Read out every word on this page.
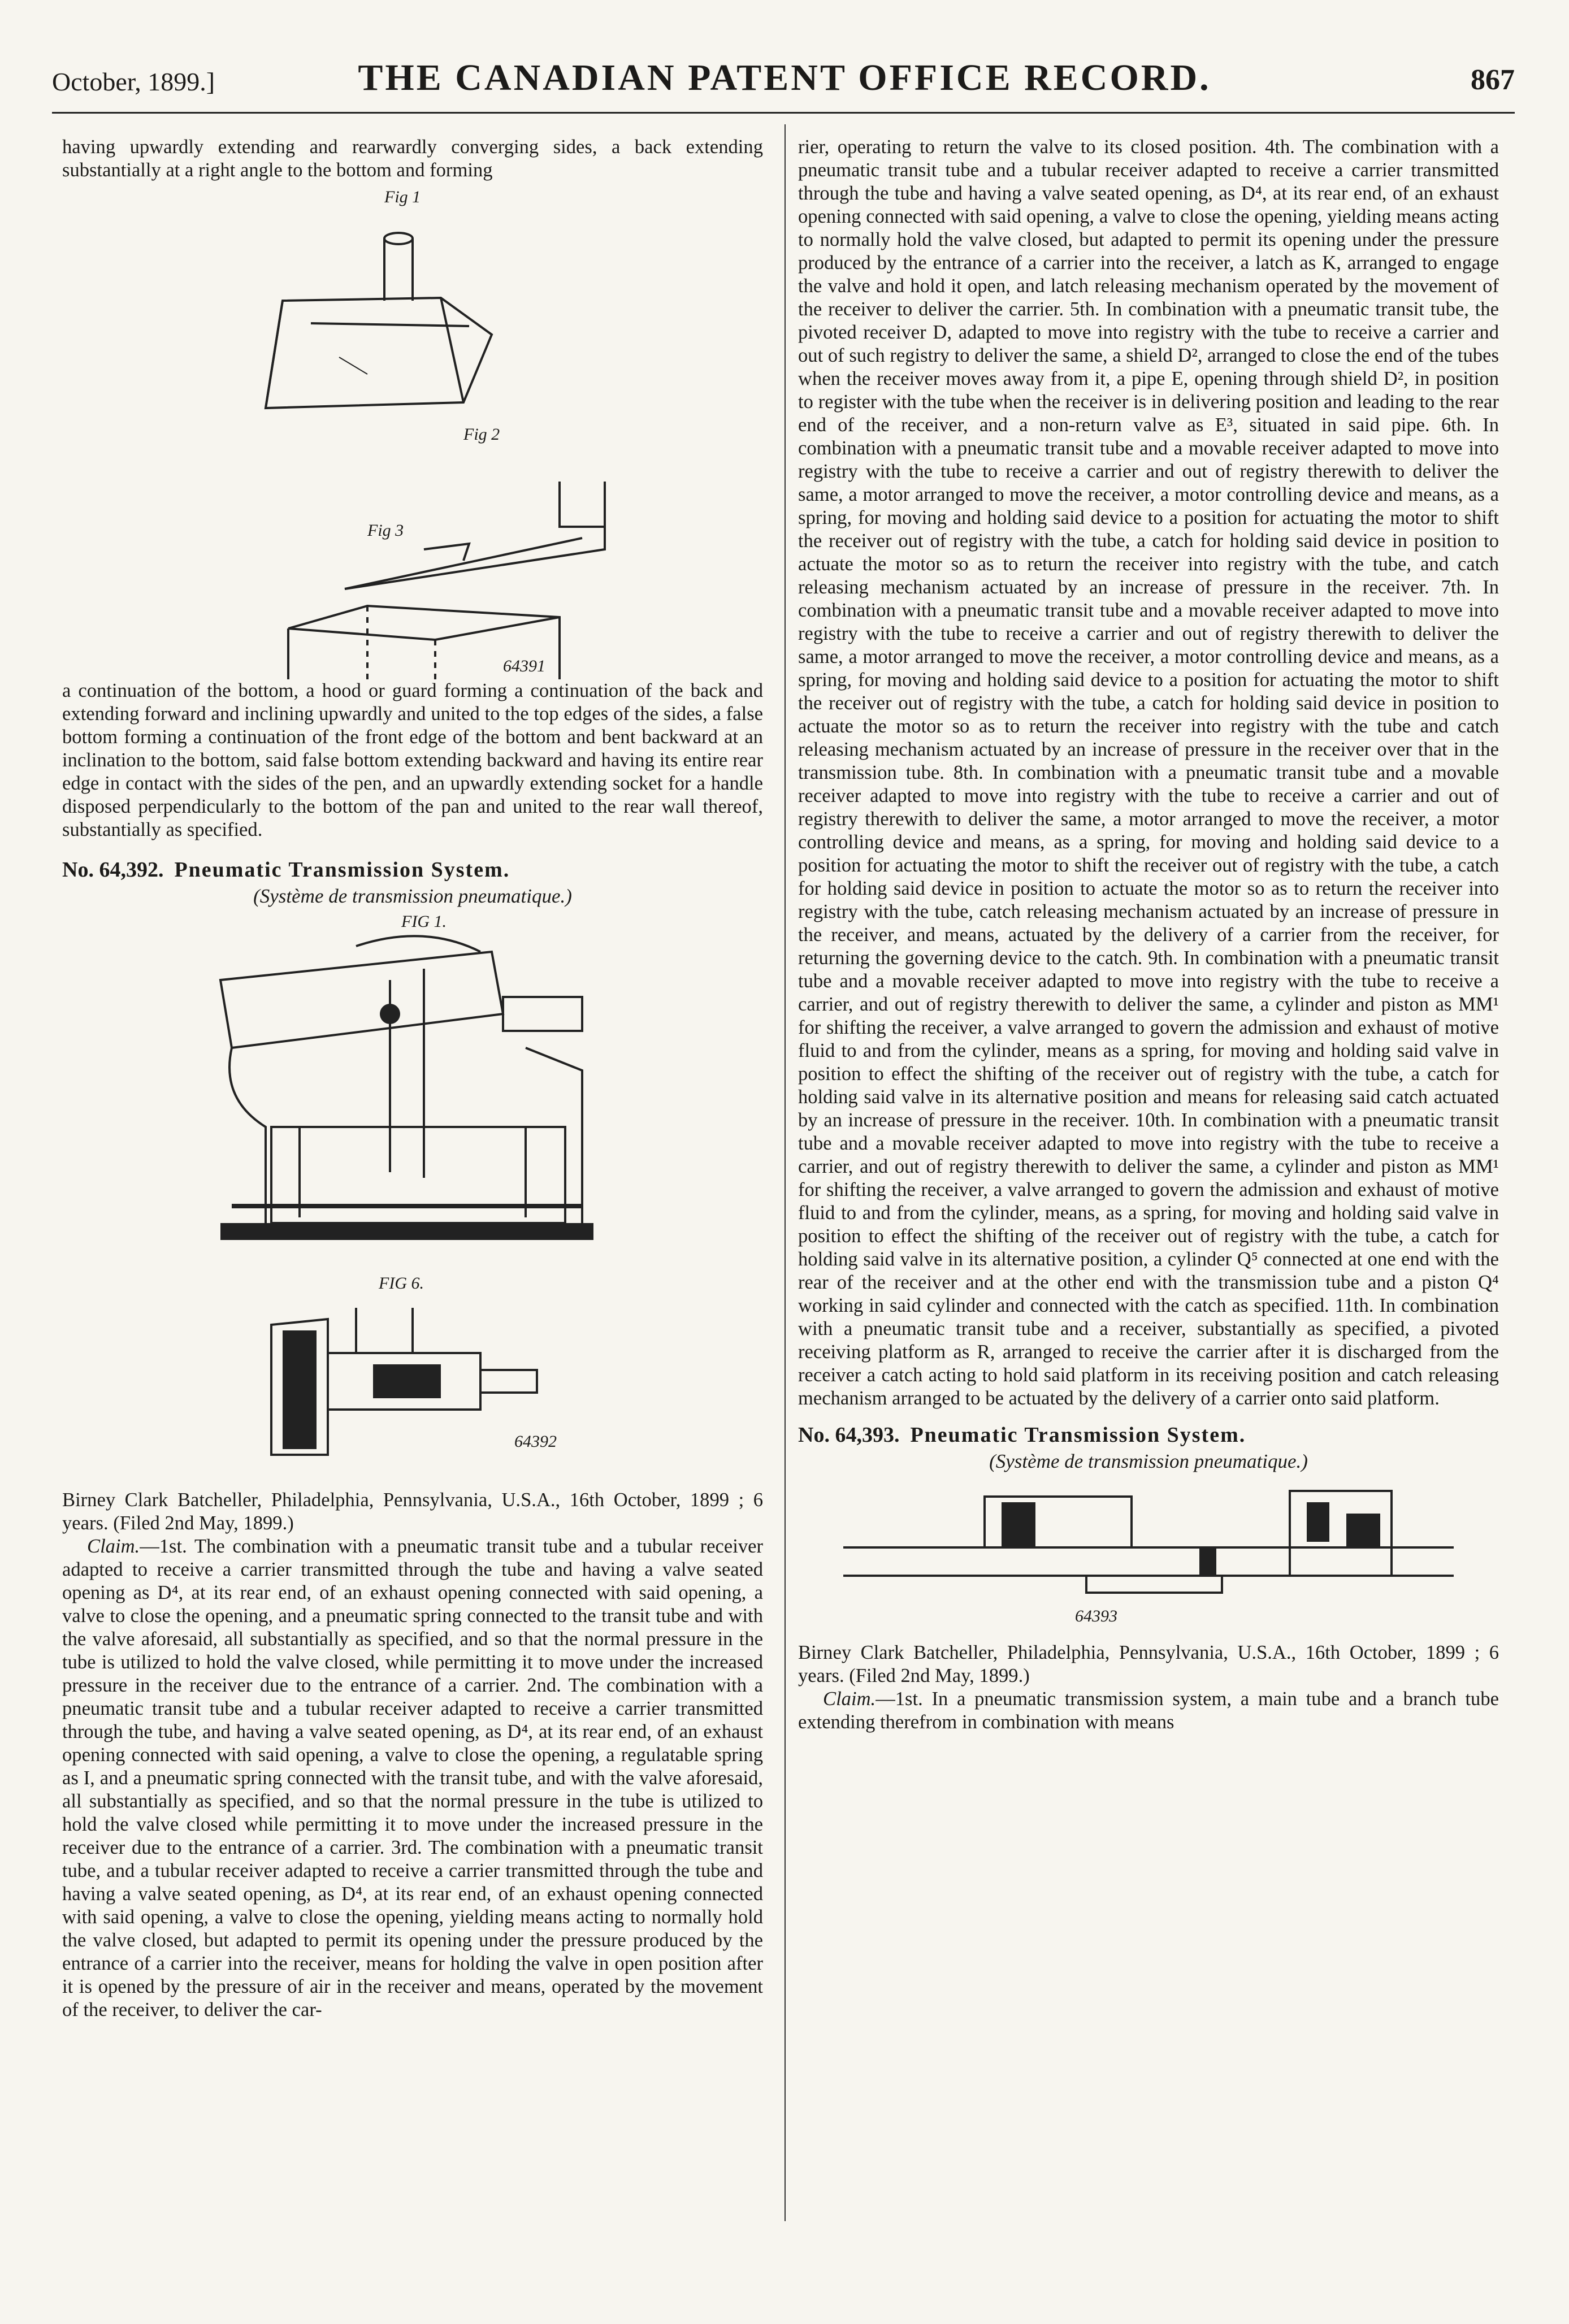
October, 1899.]	THE CANADIAN PATENT OFFICE RECORD.	867

having upwardly extending and rearwardly converging sides, a back extending substantially at a right angle to the bottom and forming

Fig 1
Fig 2
Fig 3
64391

a continuation of the bottom, a hood or guard forming a continuation of the back and extending forward and inclining upwardly and united to the top edges of the sides, a false bottom forming a continuation of the front edge of the bottom and bent backward at an inclination to the bottom, said false bottom extending backward and having its entire rear edge in contact with the sides of the pen, and an upwardly extending socket for a handle disposed perpendicularly to the bottom of the pan and united to the rear wall thereof, substantially as specified.

No. 64,392. Pneumatic Transmission System.

(Système de transmission pneumatique.)

FIG 1.
FIG 6.
64392

Birney Clark Batcheller, Philadelphia, Pennsylvania, U.S.A., 16th October, 1899 ; 6 years. (Filed 2nd May, 1899.)

Claim.—1st. The combination with a pneumatic transit tube and a tubular receiver adapted to receive a carrier transmitted through the tube and having a valve seated opening as D⁴, at its rear end, of an exhaust opening connected with said opening, a valve to close the opening, and a pneumatic spring connected to the transit tube and with the valve aforesaid, all substantially as specified, and so that the normal pressure in the tube is utilized to hold the valve closed, while permitting it to move under the increased pressure in the receiver due to the entrance of a carrier. 2nd. The combination with a pneumatic transit tube and a tubular receiver adapted to receive a carrier transmitted through the tube, and having a valve seated opening, as D⁴, at its rear end, of an exhaust opening connected with said opening, a valve to close the opening, a regulatable spring as I, and a pneumatic spring connected with the transit tube, and with the valve aforesaid, all substantially as specified, and so that the normal pressure in the tube is utilized to hold the valve closed while permitting it to move under the increased pressure in the receiver due to the entrance of a carrier. 3rd. The combination with a pneumatic transit tube, and a tubular receiver adapted to receive a carrier transmitted through the tube and having a valve seated opening, as D⁴, at its rear end, of an exhaust opening connected with said opening, a valve to close the opening, yielding means acting to normally hold the valve closed, but adapted to permit its opening under the pressure produced by the entrance of a carrier into the receiver, means for holding the valve in open position after it is opened by the pressure of air in the receiver and means, operated by the movement of the receiver, to deliver the car-

rier, operating to return the valve to its closed position. 4th. The combination with a pneumatic transit tube and a tubular receiver adapted to receive a carrier transmitted through the tube and having a valve seated opening, as D⁴, at its rear end, of an exhaust opening connected with said opening, a valve to close the opening, yielding means acting to normally hold the valve closed, but adapted to permit its opening under the pressure produced by the entrance of a carrier into the receiver, a latch as K, arranged to engage the valve and hold it open, and latch releasing mechanism operated by the movement of the receiver to deliver the carrier. 5th. In combination with a pneumatic transit tube, the pivoted receiver D, adapted to move into registry with the tube to receive a carrier and out of such registry to deliver the same, a shield D², arranged to close the end of the tubes when the receiver moves away from it, a pipe E, opening through shield D², in position to register with the tube when the receiver is in delivering position and leading to the rear end of the receiver, and a non-return valve as E³, situated in said pipe. 6th. In combination with a pneumatic transit tube and a movable receiver adapted to move into registry with the tube to receive a carrier and out of registry therewith to deliver the same, a motor arranged to move the receiver, a motor controlling device and means, as a spring, for moving and holding said device to a position for actuating the motor to shift the receiver out of registry with the tube, a catch for holding said device in position to actuate the motor so as to return the receiver into registry with the tube, and catch releasing mechanism actuated by an increase of pressure in the receiver. 7th. In combination with a pneumatic transit tube and a movable receiver adapted to move into registry with the tube to receive a carrier and out of registry therewith to deliver the same, a motor arranged to move the receiver, a motor controlling device and means, as a spring, for moving and holding said device to a position for actuating the motor to shift the receiver out of registry with the tube, a catch for holding said device in position to actuate the motor so as to return the receiver into registry with the tube and catch releasing mechanism actuated by an increase of pressure in the receiver over that in the transmission tube. 8th. In combination with a pneumatic transit tube and a movable receiver adapted to move into registry with the tube to receive a carrier and out of registry therewith to deliver the same, a motor arranged to move the receiver, a motor controlling device and means, as a spring, for moving and holding said device to a position for actuating the motor to shift the receiver out of registry with the tube, a catch for holding said device in position to actuate the motor so as to return the receiver into registry with the tube, catch releasing mechanism actuated by an increase of pressure in the receiver, and means, actuated by the delivery of a carrier from the receiver, for returning the governing device to the catch. 9th. In combination with a pneumatic transit tube and a movable receiver adapted to move into registry with the tube to receive a carrier, and out of registry therewith to deliver the same, a cylinder and piston as MM¹ for shifting the receiver, a valve arranged to govern the admission and exhaust of motive fluid to and from the cylinder, means as a spring, for moving and holding said valve in position to effect the shifting of the receiver out of registry with the tube, a catch for holding said valve in its alternative position and means for releasing said catch actuated by an increase of pressure in the receiver. 10th. In combination with a pneumatic transit tube and a movable receiver adapted to move into registry with the tube to receive a carrier, and out of registry therewith to deliver the same, a cylinder and piston as MM¹ for shifting the receiver, a valve arranged to govern the admission and exhaust of motive fluid to and from the cylinder, means, as a spring, for moving and holding said valve in position to effect the shifting of the receiver out of registry with the tube, a catch for holding said valve in its alternative position, a cylinder Q⁵ connected at one end with the rear of the receiver and at the other end with the transmission tube and a piston Q⁴ working in said cylinder and connected with the catch as specified. 11th. In combination with a pneumatic transit tube and a receiver, substantially as specified, a pivoted receiving platform as R, arranged to receive the carrier after it is discharged from the receiver a catch acting to hold said platform in its receiving position and catch releasing mechanism arranged to be actuated by the delivery of a carrier onto said platform.

No. 64,393. Pneumatic Transmission System.

(Système de transmission pneumatique.)

64393

Birney Clark Batcheller, Philadelphia, Pennsylvania, U.S.A., 16th October, 1899 ; 6 years. (Filed 2nd May, 1899.)

Claim.—1st. In a pneumatic transmission system, a main tube and a branch tube extending therefrom in combination with means
